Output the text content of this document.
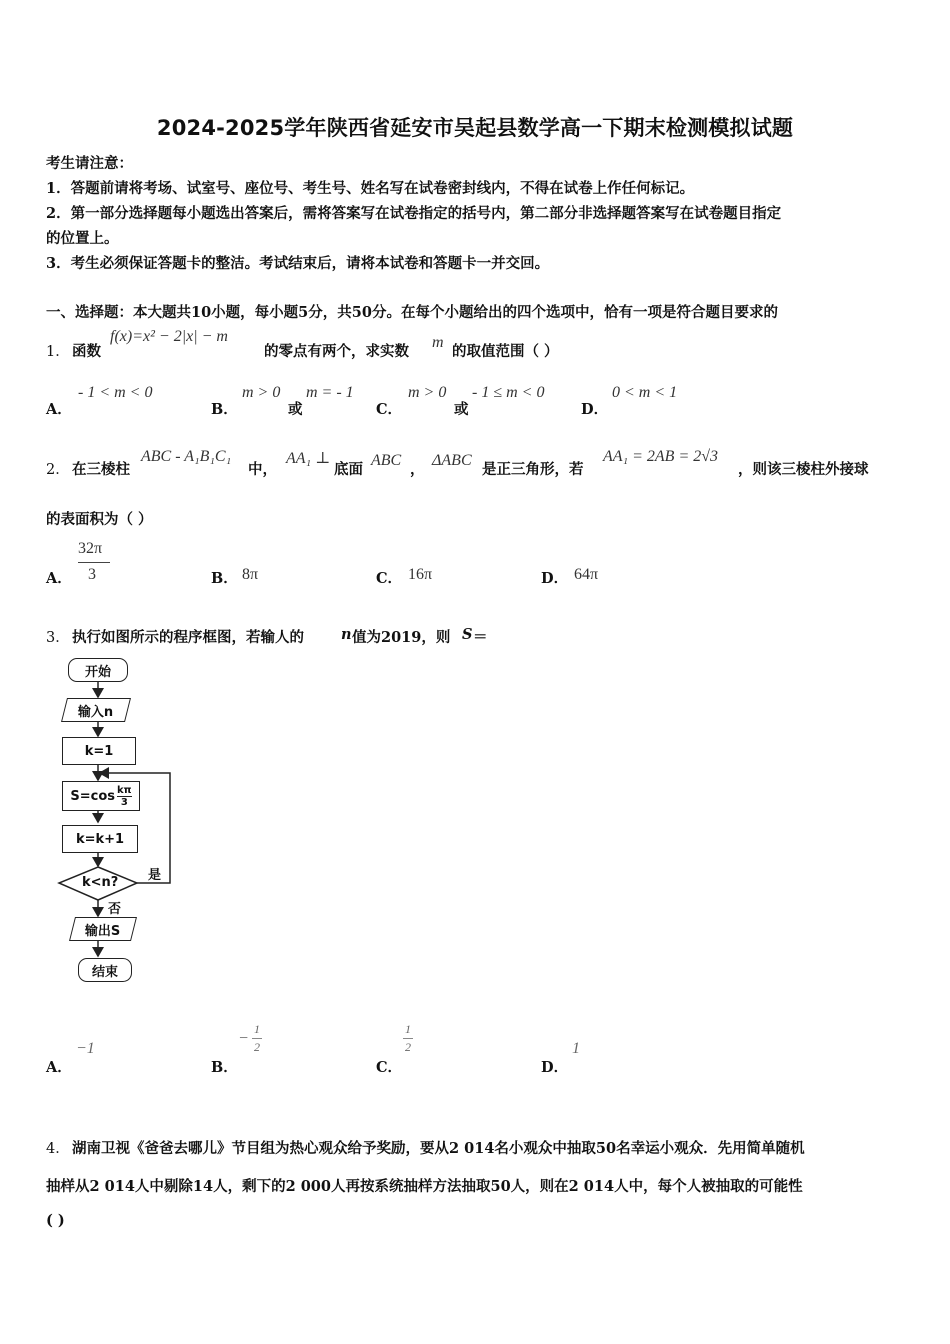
2024-2025学年陕西省延安市吴起县数学高一下期末检测模拟试题
考生请注意：
1．答题前请将考场、试室号、座位号、考生号、姓名写在试卷密封线内，不得在试卷上作任何标记。
2．第一部分选择题每小题选出答案后，需将答案写在试卷指定的括号内，第二部分非选择题答案写在试卷题目指定
的位置上。
3．考生必须保证答题卡的整洁。考试结束后，请将本试卷和答题卡一并交回。
一、选择题：本大题共10小题，每小题5分，共50分。在每个小题给出的四个选项中，恰有一项是符合题目要求的
1． 函数
f(x)=x² − 2|x| − m
的零点有两个，求实数
m
的取值范围（ ）
A．
- 1 < m < 0
B．
m > 0
或
m = - 1
C．
m > 0
或
- 1 ≤ m < 0
D．
0 < m < 1
2． 在三棱柱
ABC - A₁B₁C₁
中，
AA₁ ⊥
底面
ABC
，
ΔABC
是正三角形，若
AA₁ = 2AB = 2√3
，则该三棱柱外接球
的表面积为（ ）
A．
32π
3	B． 8π	C． 16π	D． 64π
3． 执行如图所示的程序框图，若输人的	n 值为2019，则 S ＝
开始
输入n
k=1
$S=\cos \frac{k\pi}{3}$
k=k+1
k<n? 是
否
输出S
结束
A．
−1
B．
−
1
2
C．
1
2
D．
1
4． 湖南卫视《爸爸去哪儿》节目组为热心观众给予奖励，要从2 014名小观众中抽取50名幸运小观众．先用简单随机
抽样从2 014人中剔除14人，剩下的2 000人再按系统抽样方法抽取50人，则在2 014人中，每个人被抽取的可能性
( )
